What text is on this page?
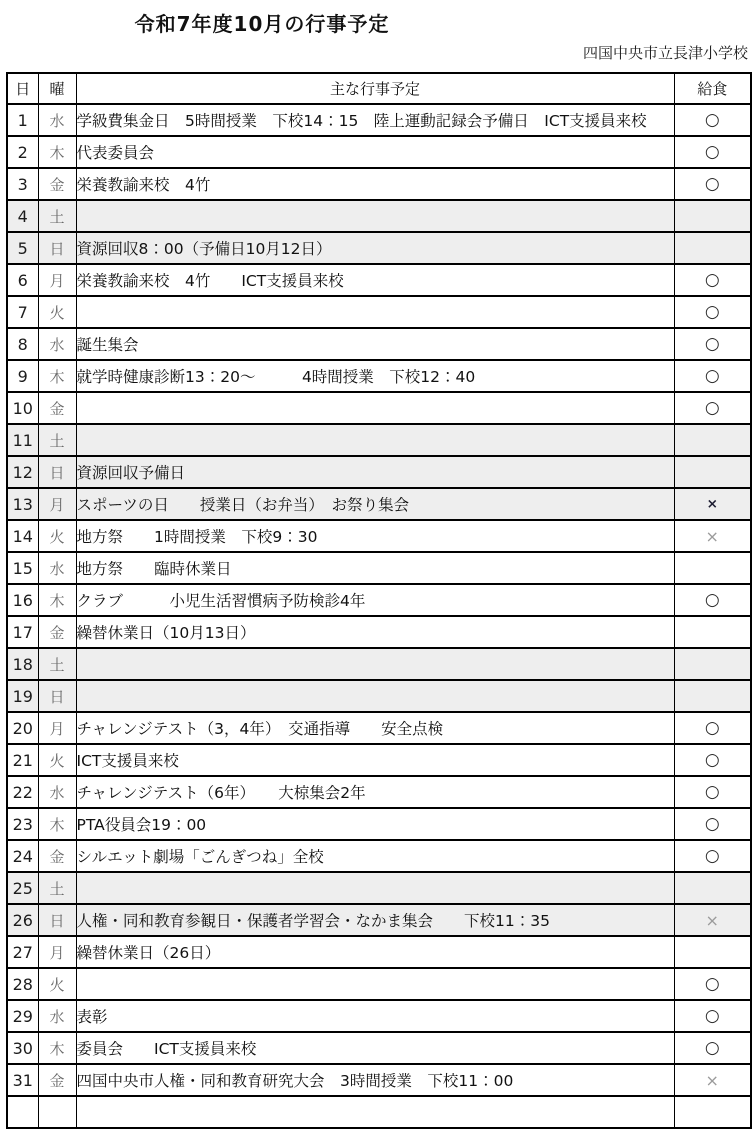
令和7年度10月の行事予定
四国中央市立長津小学校
日	曜	主な行事予定	給食
1	水	学級費集金日　5時間授業　下校14：15　陸上運動記録会予備日　ICT支援員来校	○
2	木	代表委員会	○
3	金	栄養教諭来校　4竹	○
4	土		
5	日	資源回収8：00（予備日10月12日）	
6	月	栄養教諭来校　4竹　　ICT支援員来校	○
7	火		○
8	水	誕生集会	○
9	木	就学時健康診断13：20～　　　4時間授業　下校12：40	○
10	金		○
11	土		
12	日	資源回収予備日	
13	月	スポーツの日　　授業日（お弁当）　お祭り集会	×
14	火	地方祭　　1時間授業　下校9：30	×
15	水	地方祭　　臨時休業日	
16	木	クラブ　　　小児生活習慣病予防検診4年	○
17	金	繰替休業日（10月13日）	
18	土		
19	日		
20	月	チャレンジテスト（3，4年）　交通指導　　安全点検	○
21	火	ICT支援員来校	○
22	水	チャレンジテスト（6年）　　大椋集会2年	○
23	木	PTA役員会19：00	○
24	金	シルエット劇場「ごんぎつね」全校	○
25	土		
26	日	人権・同和教育参観日・保護者学習会・なかま集会　　下校11：35	×
27	月	繰替休業日（26日）	
28	火		○
29	水	表彰	○
30	木	委員会　　ICT支援員来校	○
31	金	四国中央市人権・同和教育研究大会　3時間授業　下校11：00	×
